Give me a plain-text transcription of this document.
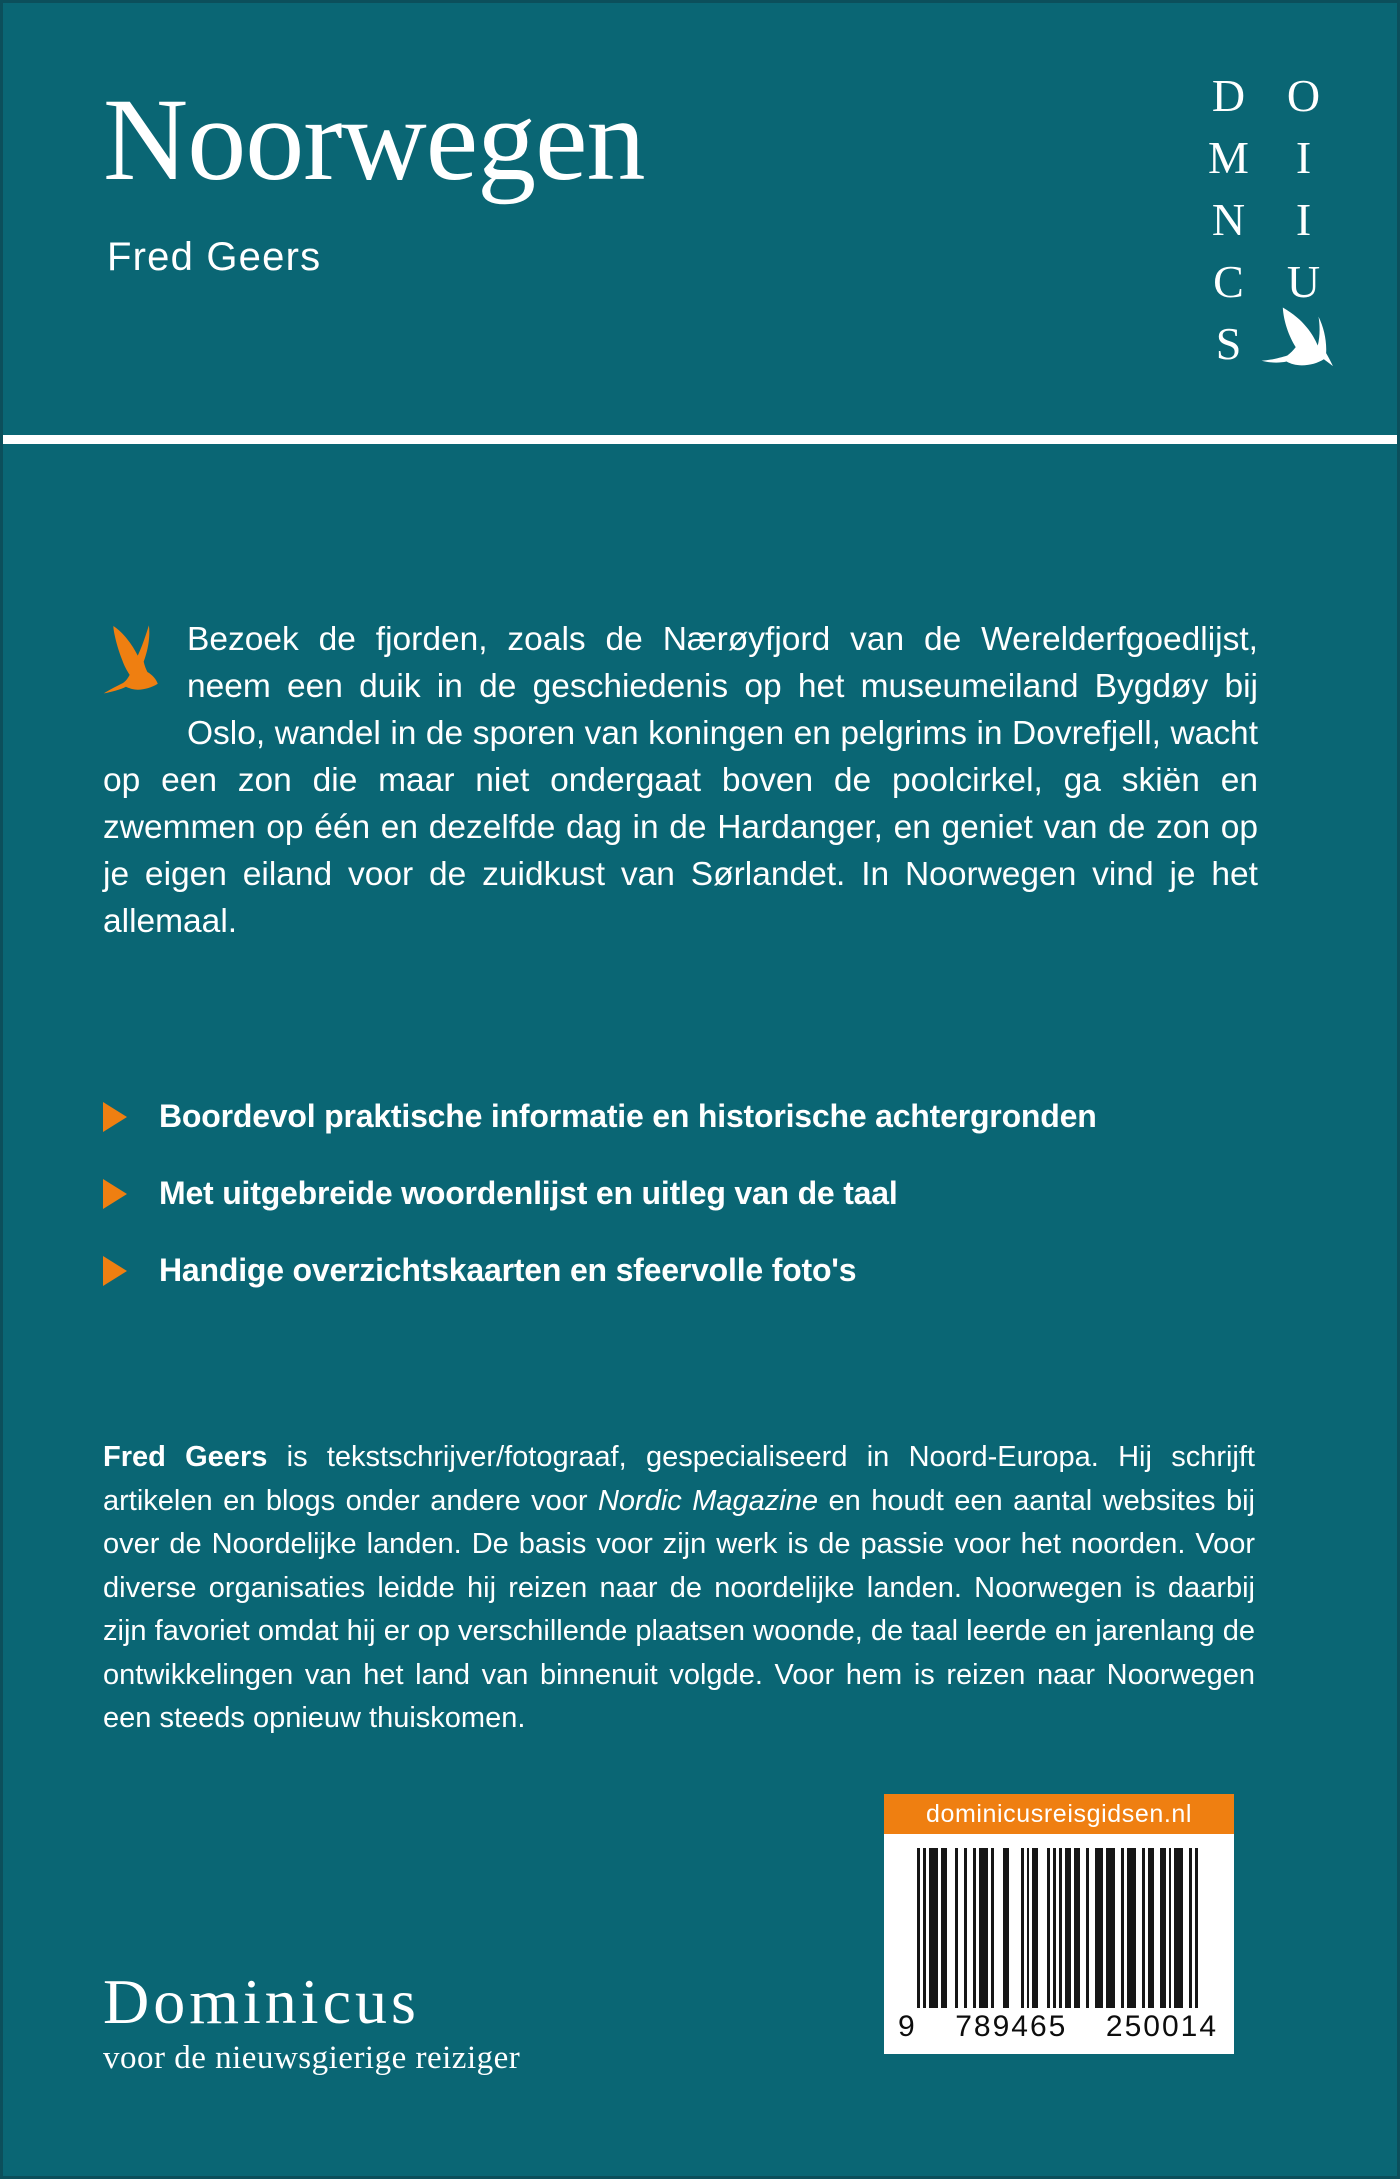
Noorwegen
Fred Geers
D O
M	I
N	I
C U
S
Bezoek de fjorden, zoals de Nærøyfjord van de Werelderfgoedlijst, neem een duik in de geschiedenis op het museumeiland Bygdøy bij Oslo, wandel in de sporen van koningen en pelgrims in Dovrefjell, wacht op een zon die maar niet ondergaat boven de poolcirkel, ga skiën en zwemmen op één en dezelfde dag in de Hardanger, en geniet van de zon op je eigen eiland voor de zuidkust van Sørlandet. In Noorwegen vind je het allemaal.
Boordevol praktische informatie en historische achtergronden
Met uitgebreide woordenlijst en uitleg van de taal
Handige overzichtskaarten en sfeervolle foto's
Fred Geers is tekstschrijver/fotograaf, gespecialiseerd in Noord-Europa. Hij schrijft artikelen en blogs onder andere voor Nordic Magazine en houdt een aantal websites bij over de Noordelijke landen. De basis voor zijn werk is de passie voor het noorden. Voor diverse organisaties leidde hij reizen naar de noordelijke landen. Noorwegen is daarbij zijn favoriet omdat hij er op verschillende plaatsen woonde, de taal leerde en jarenlang de ontwikkelingen van het land van binnenuit volgde. Voor hem is reizen naar Noorwegen een steeds opnieuw thuiskomen.
Dominicus
voor de nieuwsgierige reiziger
dominicusreisgidsen.nl
9 789465 250014
